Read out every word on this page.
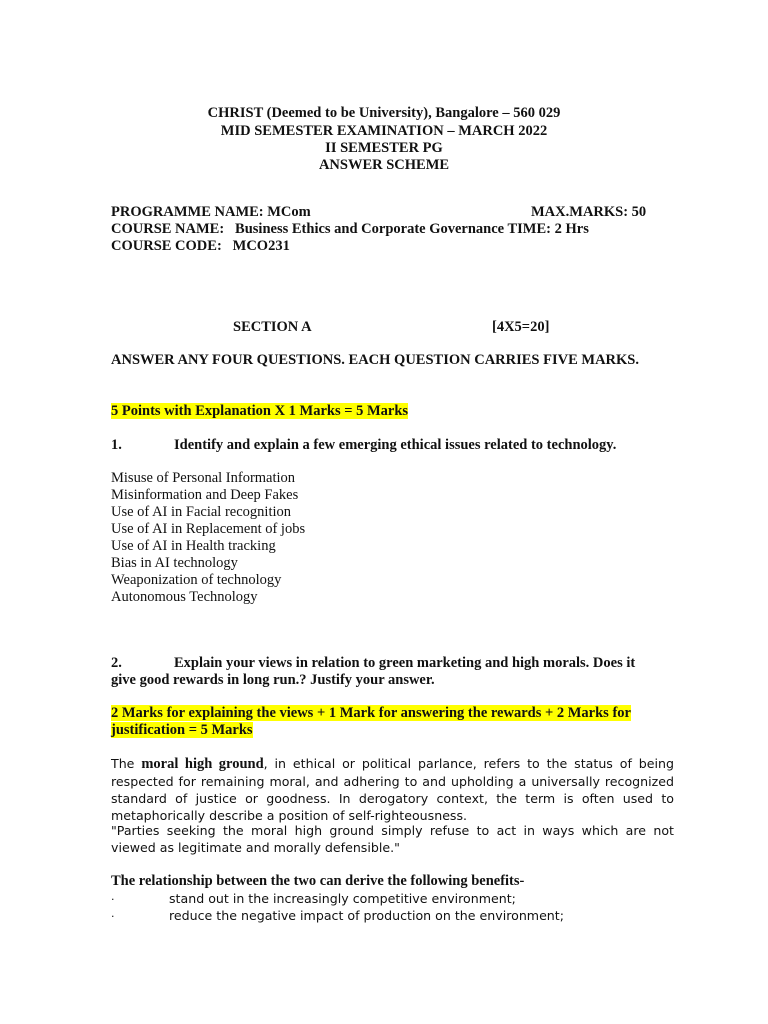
CHRIST (Deemed to be University), Bangalore – 560 029
MID SEMESTER EXAMINATION – MARCH 2022
II SEMESTER PG
ANSWER SCHEME
PROGRAMME NAME: MCom	MAX.MARKS: 50
COURSE NAME:   Business Ethics and Corporate Governance TIME: 2 Hrs
COURSE CODE:   MCO231
SECTION A	[4X5=20]
ANSWER ANY FOUR QUESTIONS. EACH QUESTION CARRIES FIVE MARKS.
5 Points with Explanation X 1 Marks = 5 Marks
1.	Identify and explain a few emerging ethical issues related to technology.
Misuse of Personal Information
Misinformation and Deep Fakes
Use of AI in Facial recognition
Use of AI in Replacement of jobs
Use of AI in Health tracking
Bias in AI technology
Weaponization of technology
Autonomous Technology
2.	Explain your views in relation to green marketing and high morals. Does it
give good rewards in long run.? Justify your answer.
2 Marks for explaining the views + 1 Mark for answering the rewards + 2 Marks for
justification = 5 Marks
The moral high ground, in ethical or political parlance, refers to the status of being respected for remaining moral, and adhering to and upholding a universally recognized standard of justice or goodness. In derogatory context, the term is often used to metaphorically describe a position of self-righteousness.
"Parties seeking the moral high ground simply refuse to act in ways which are not viewed as legitimate and morally defensible."
The relationship between the two can derive the following benefits-
·	stand out in the increasingly competitive environment;
·	reduce the negative impact of production on the environment;
